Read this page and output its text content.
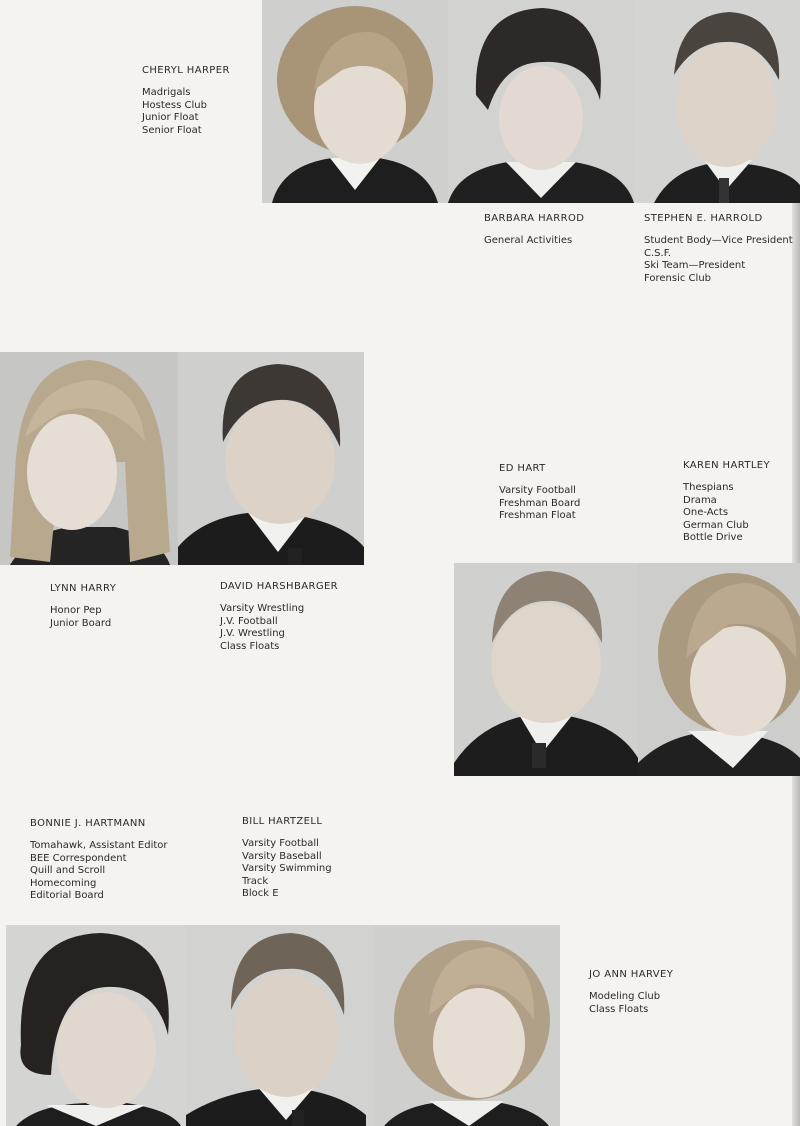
CHERYL HARPER
Madrigals
Hostess Club
Junior Float
Senior Float
BARBARA HARROD
General Activities
STEPHEN E. HARROLD
Student Body—Vice President
C.S.F.
Ski Team—President
Forensic Club
LYNN HARRY
Honor Pep
Junior Board
DAVID HARSHBARGER
Varsity Wrestling
J.V. Football
J.V. Wrestling
Class Floats
ED HART
Varsity Football
Freshman Board
Freshman Float
KAREN HARTLEY
Thespians
Drama
One-Acts
German Club
Bottle Drive
BONNIE J. HARTMANN
Tomahawk, Assistant Editor
BEE Correspondent
Quill and Scroll
Homecoming
Editorial Board
BILL HARTZELL
Varsity Football
Varsity Baseball
Varsity Swimming
Track
Block E
JO ANN HARVEY
Modeling Club
Class Floats
